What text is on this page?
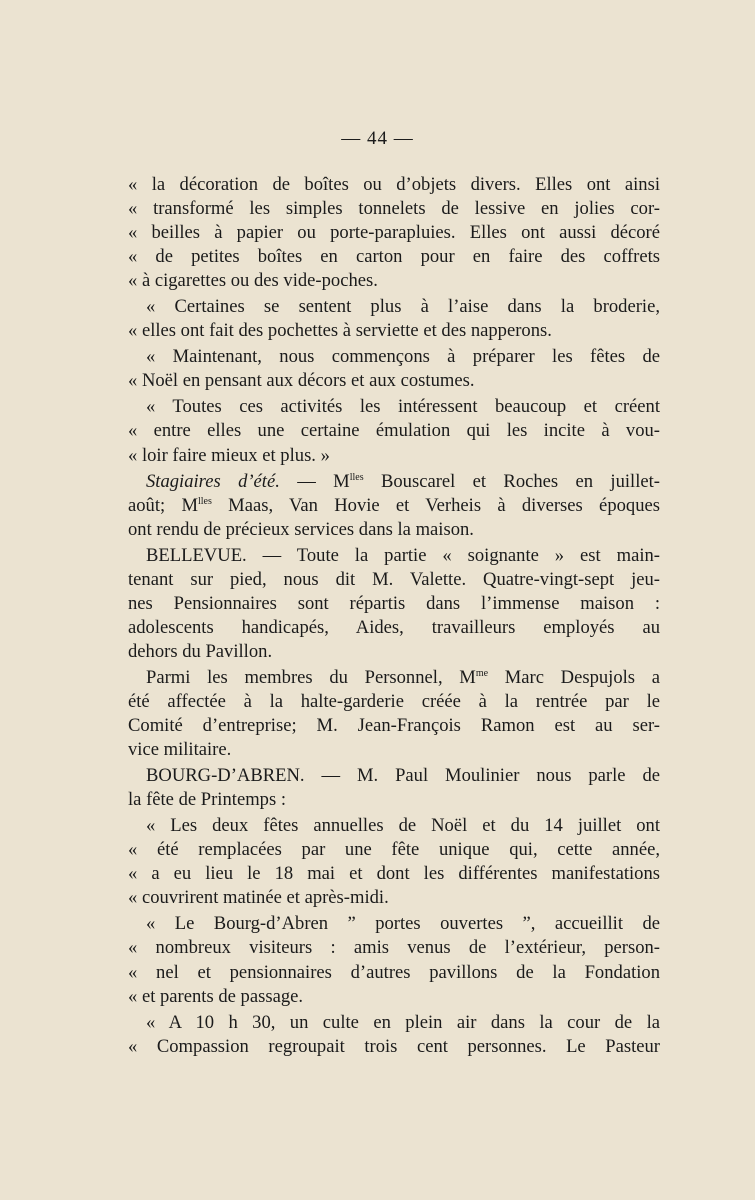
— 44 —
« la décoration de boîtes ou d’objets divers. Elles ont ainsi
« transformé les simples tonnelets de lessive en jolies cor-
« beilles à papier ou porte-parapluies. Elles ont aussi décoré
« de petites boîtes en carton pour en faire des coffrets
« à cigarettes ou des vide-poches.
« Certaines se sentent plus à l’aise dans la broderie,
« elles ont fait des pochettes à serviette et des napperons.
« Maintenant, nous commençons à préparer les fêtes de
« Noël en pensant aux décors et aux costumes.
« Toutes ces activités les intéressent beaucoup et créent
« entre elles une certaine émulation qui les incite à vou-
« loir faire mieux et plus. »
Stagiaires d’été. — $M^{lles}$ Bouscarel et Roches en juillet-
août; $M^{lles}$ Maas, Van Hovie et Verheis à diverses époques
ont rendu de précieux services dans la maison.
BELLEVUE. — Toute la partie « soignante » est main-
tenant sur pied, nous dit M. Valette. Quatre-vingt-sept jeu-
nes Pensionnaires sont répartis dans l’immense maison :
adolescents handicapés, Aides, travailleurs employés au
dehors du Pavillon.
Parmi les membres du Personnel, $M^{me}$ Marc Despujols a
été affectée à la halte-garderie créée à la rentrée par le
Comité d’entreprise; M. Jean-François Ramon est au ser-
vice militaire.
BOURG-D’ABREN. — M. Paul Moulinier nous parle de
la fête de Printemps :
« Les deux fêtes annuelles de Noël et du 14 juillet ont
« été remplacées par une fête unique qui, cette année,
« a eu lieu le 18 mai et dont les différentes manifestations
« couvrirent matinée et après-midi.
« Le Bourg-d’Abren ” portes ouvertes ”, accueillit de
« nombreux visiteurs : amis venus de l’extérieur, person-
« nel et pensionnaires d’autres pavillons de la Fondation
« et parents de passage.
« A 10 h 30, un culte en plein air dans la cour de la
« Compassion regroupait trois cent personnes. Le Pasteur
